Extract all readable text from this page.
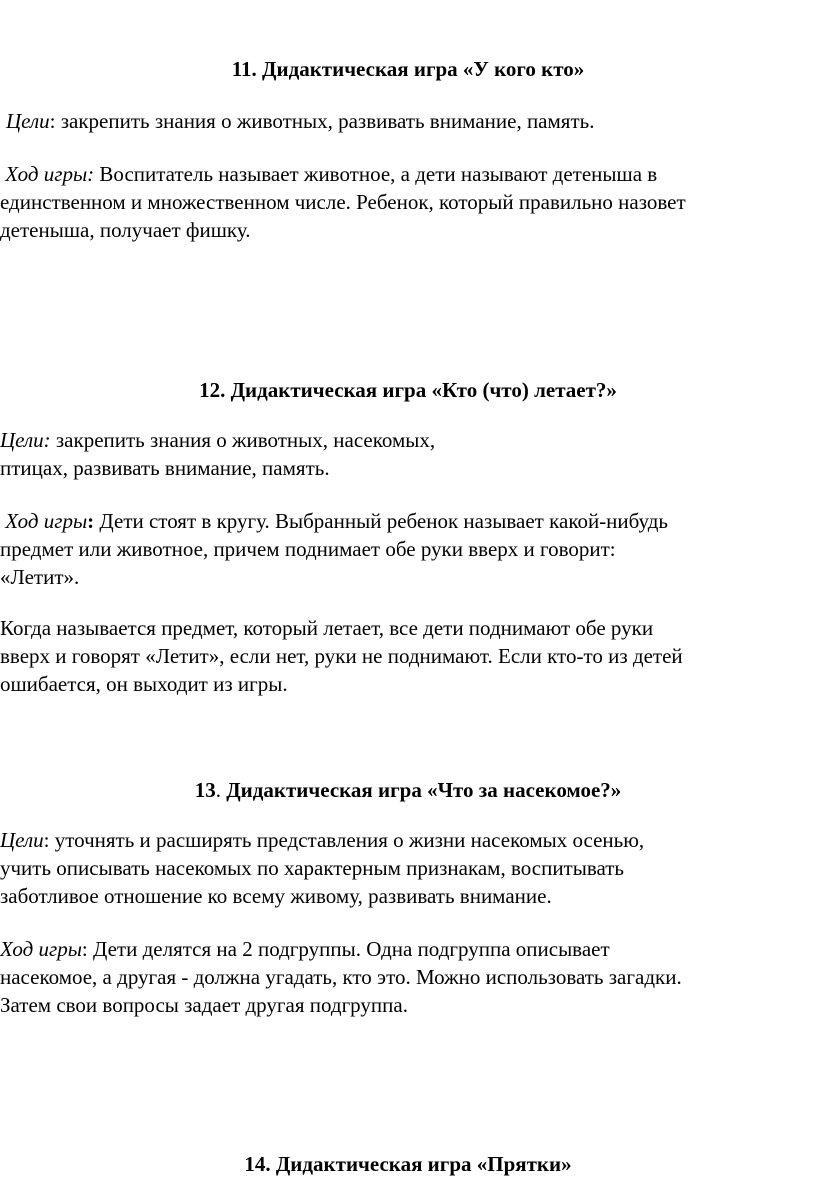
11. Дидактическая игра «У кого кто»

Цели: закрепить знания о животных, развивать внимание, память.

Ход игры: Воспитатель называет животное, а дети называют детеныша в
единственном и множественном числе. Ребенок, который правильно назовет
детеныша, получает фишку.

12. Дидактическая игра «Кто (что) летает?»

Цели: закрепить знания о животных, насекомых,
птицах, развивать внимание, память.

Ход игры: Дети стоят в кругу. Выбранный ребенок называет какой-нибудь
предмет или животное, причем поднимает обе руки вверх и говорит:
«Летит».

Когда называется предмет, который летает, все дети поднимают обе руки
вверх и говорят «Летит», если нет, руки не поднимают. Если кто-то из детей
ошибается, он выходит из игры.

13. Дидактическая игра «Что за насекомое?»

Цели: уточнять и расширять представления о жизни насекомых осенью,
учить описывать насекомых по характерным признакам, воспитывать
заботливое отношение ко всему живому, развивать внимание.

Ход игры: Дети делятся на 2 подгруппы. Одна подгруппа описывает
насекомое, а другая - должна угадать, кто это. Можно использовать загадки.
Затем свои вопросы задает другая подгруппа.

14. Дидактическая игра «Прятки»
